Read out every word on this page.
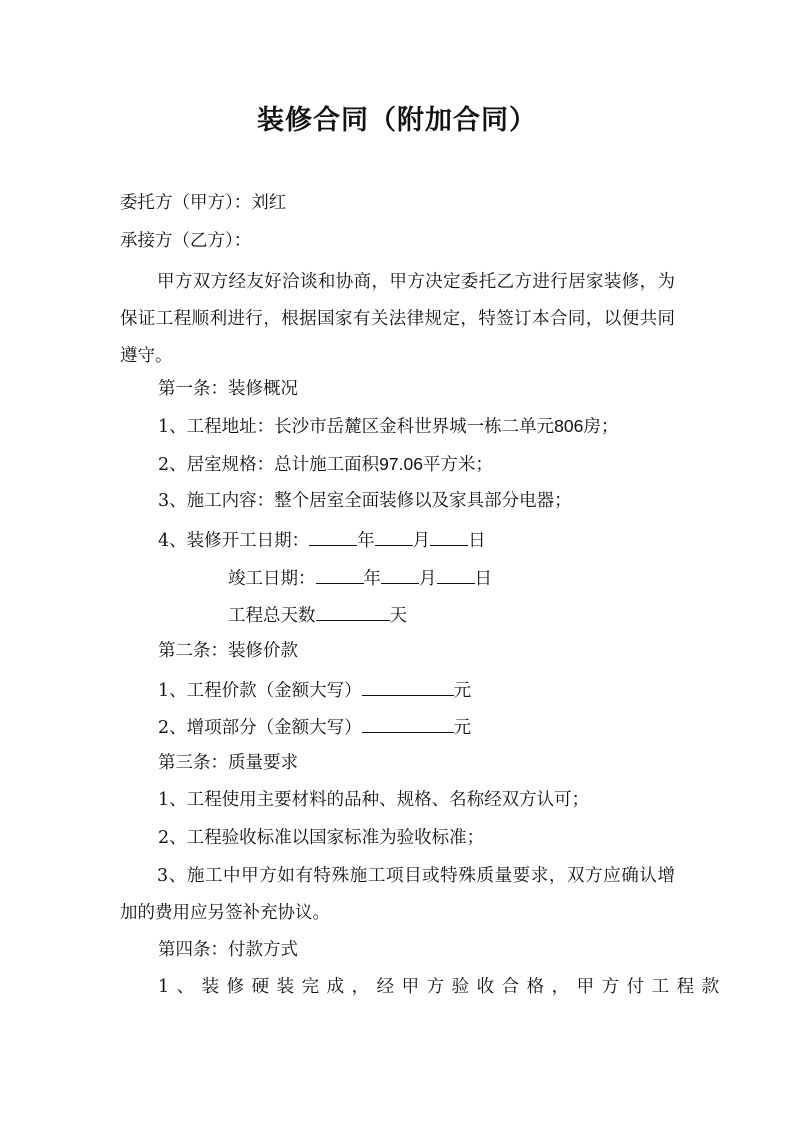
装修合同（附加合同）
委托方（甲方）：刘红
承接方（乙方）：
甲方双方经友好洽谈和协商，甲方决定委托乙方进行居家装修，为保证工程顺利进行，根据国家有关法律规定，特签订本合同，以便共同遵守。
第一条：装修概况
1、工程地址：长沙市岳麓区金科世界城一栋二单元806房；
2、居室规格：总计施工面积97.06平方米；
3、施工内容：整个居室全面装修以及家具部分电器；
4、装修开工日期：	年 月 日
竣工日期：	年 月 日
工程总天数	天
第二条：装修价款
1、工程价款（金额大写）	元
2、增项部分（金额大写）	元
第三条：质量要求
1、工程使用主要材料的品种、规格、名称经双方认可；
2、工程验收标准以国家标准为验收标准；
3、施工中甲方如有特殊施工项目或特殊质量要求，双方应确认增加的费用应另签补充协议。
第四条：付款方式
1、装修硬装完成，经甲方验收合格，甲方付工程款
